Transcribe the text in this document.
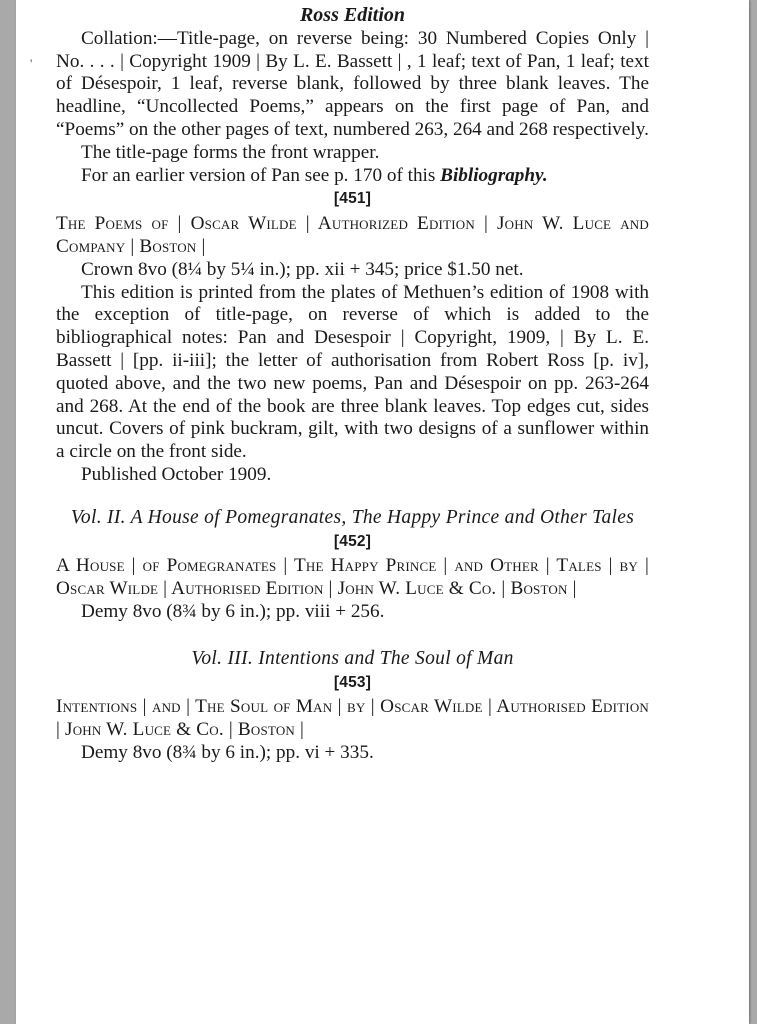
'
Ross Edition

Collation:—Title-page, on reverse being: 30 Numbered Copies Only | No. . . . | Copyright 1909 | By L. E. Bassett | , 1 leaf; text of Pan, 1 leaf; text of Désespoir, 1 leaf, reverse blank, followed by three blank leaves. The headline, “Uncollected Poems,” appears on the first page of Pan, and “Poems” on the other pages of text, numbered 263, 264 and 268 respectively.

The title-page forms the front wrapper.

For an earlier version of Pan see p. 170 of this Bibliography.

[451]

The Poems of | Oscar Wilde | Authorized Edition | John W. Luce and Company | Boston |

Crown 8vo (8¼ by 5¼ in.); pp. xii + 345; price $1.50 net.

This edition is printed from the plates of Methuen’s edition of 1908 with the exception of title-page, on reverse of which is added to the bibliographical notes: Pan and Desespoir | Copyright, 1909, | By L. E. Bassett | [pp. ii-iii]; the letter of authorisation from Robert Ross [p. iv], quoted above, and the two new poems, Pan and Désespoir on pp. 263-264 and 268. At the end of the book are three blank leaves. Top edges cut, sides uncut. Covers of pink buckram, gilt, with two designs of a sunflower within a circle on the front side.

Published October 1909.

Vol. II. A House of Pomegranates, The Happy Prince and Other Tales

[452]

A House | of Pomegranates | The Happy Prince | and Other | Tales | by | Oscar Wilde | Authorised Edition | John W. Luce & Co. | Boston |

Demy 8vo (8¾ by 6 in.); pp. viii + 256.

Vol. III. Intentions and The Soul of Man

[453]

Intentions | and | The Soul of Man | by | Oscar Wilde | Authorised Edition | John W. Luce & Co. | Boston |

Demy 8vo (8¾ by 6 in.); pp. vi + 335.
